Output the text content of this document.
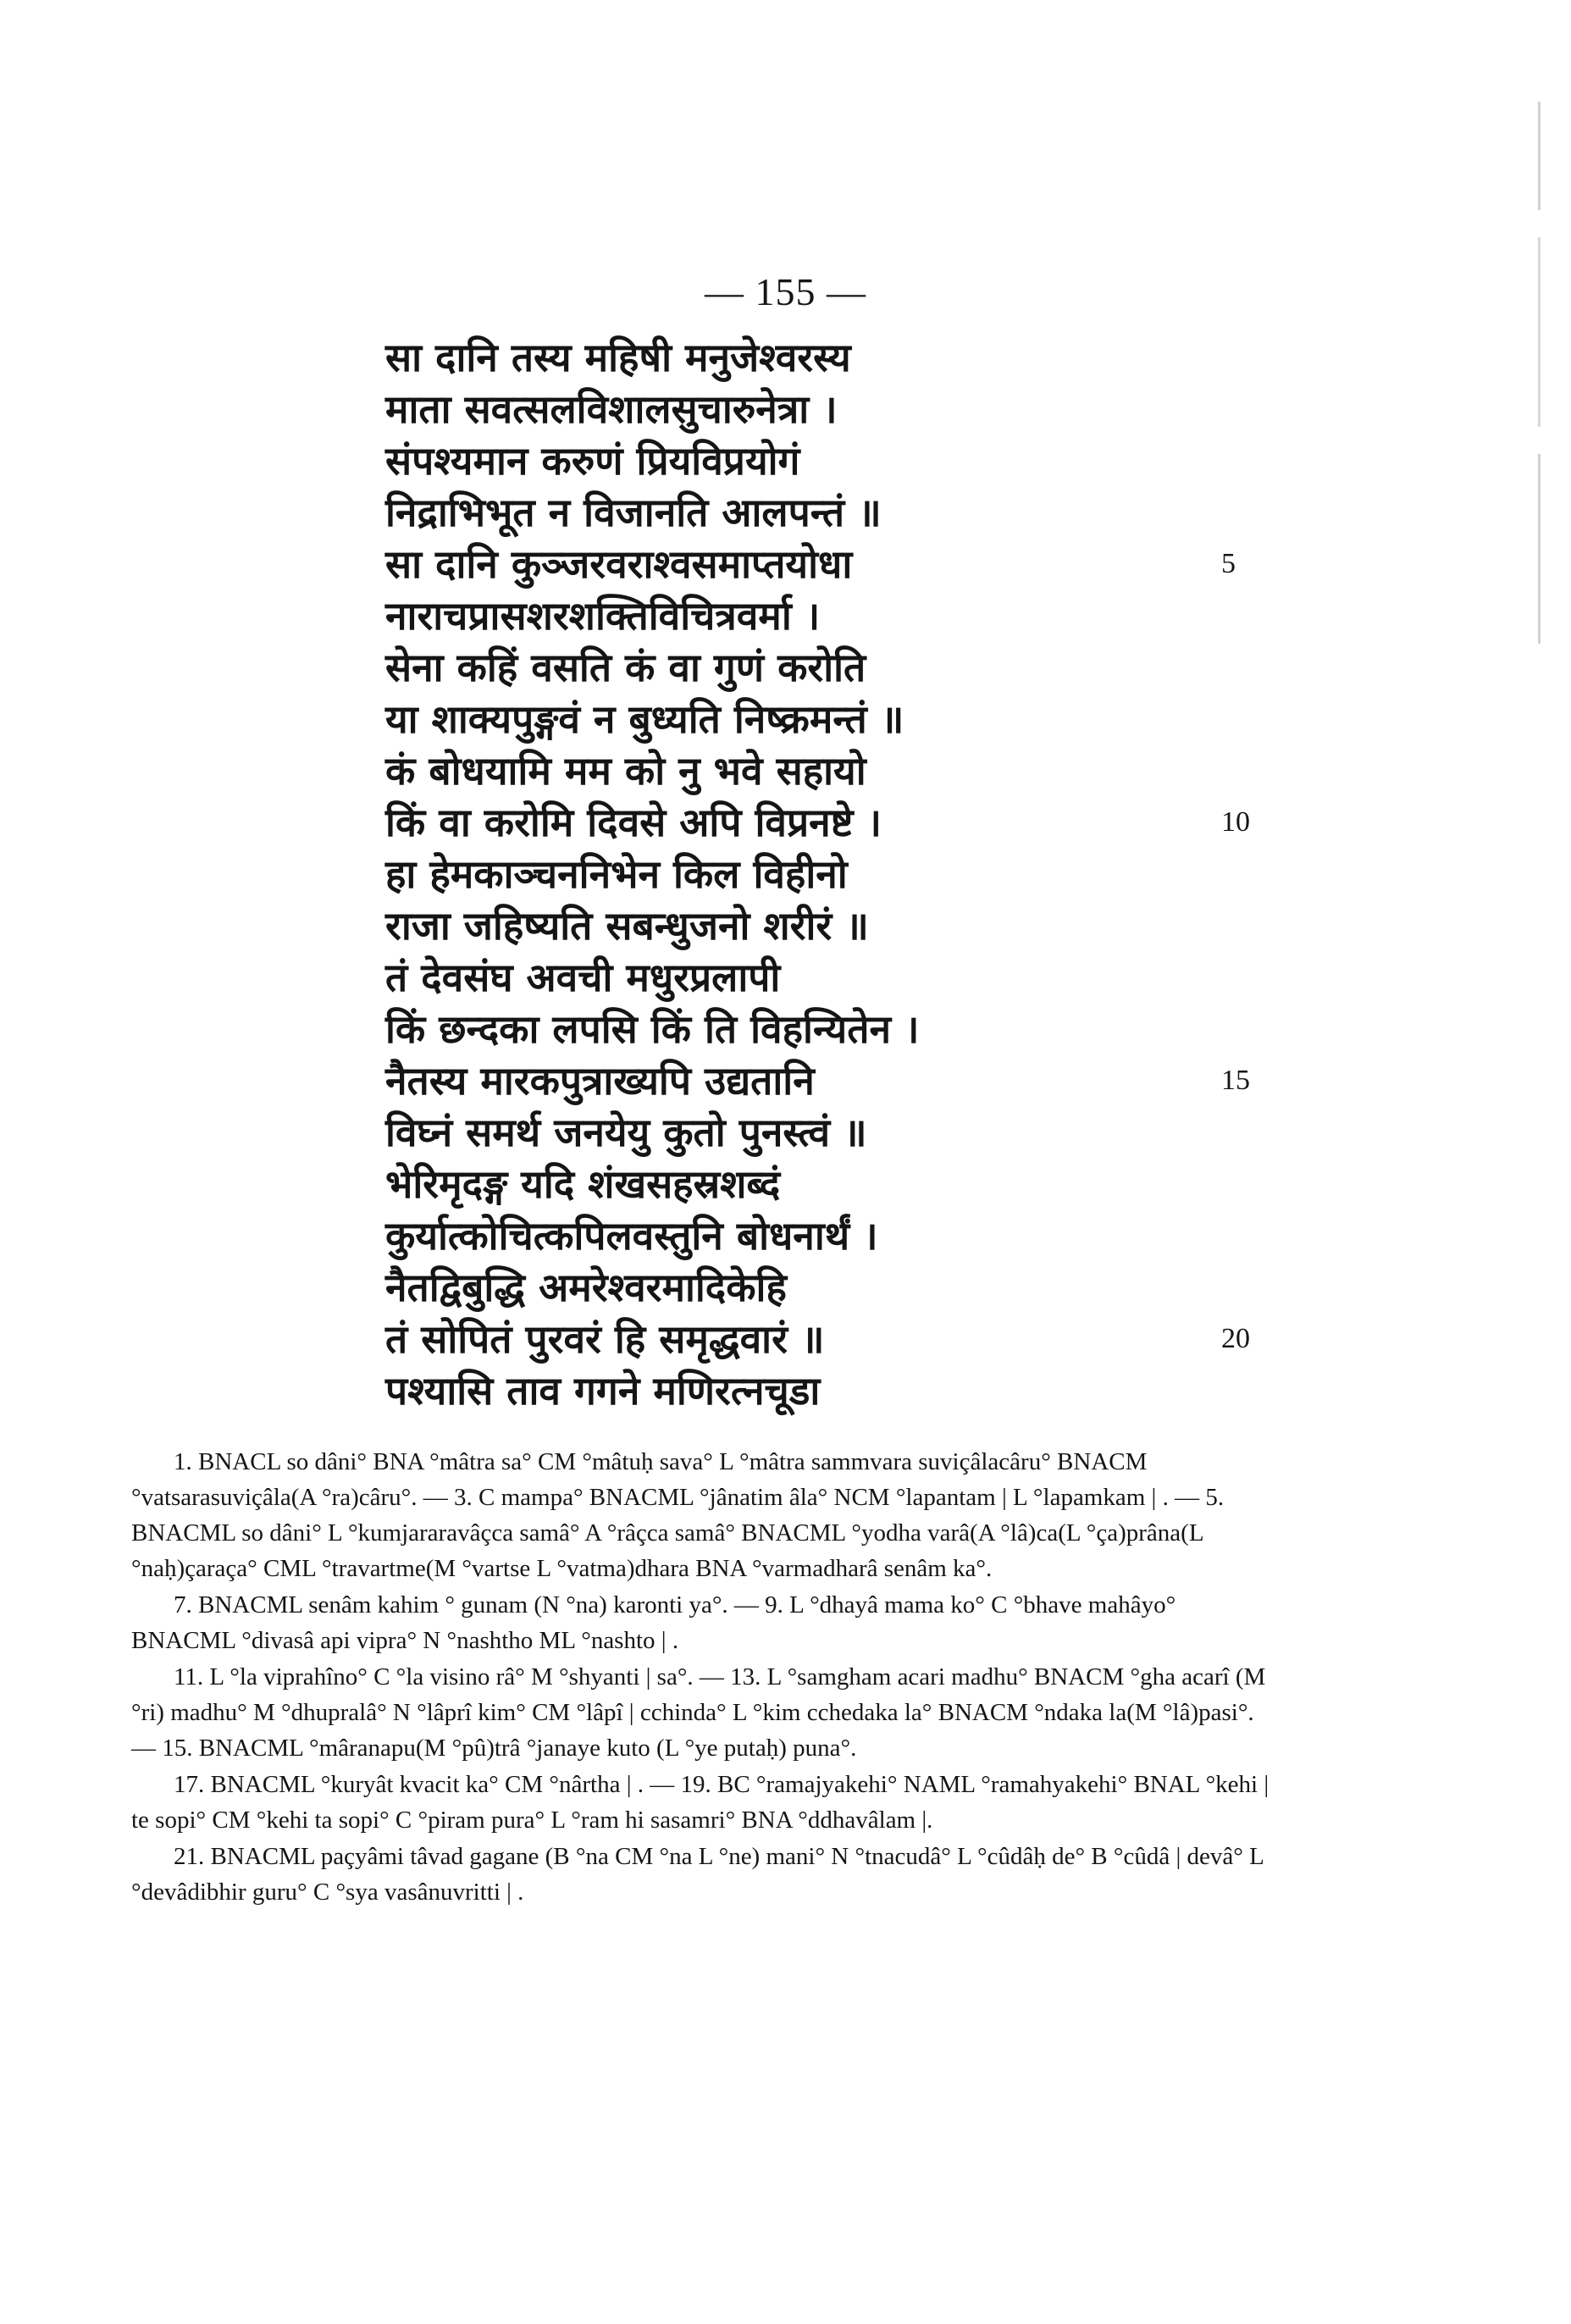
— 155 —
सा दानि तस्य महिषी मनुजेश्वरस्य
माता सवत्सलविशालसुचारुनेत्रा ।
संपश्यमान करुणं प्रियविप्रयोगं
निद्राभिभूत न विजानति आलपन्तं ॥
सा दानि कुञ्जरवराश्वसमाप्तयोधा
नाराचप्रासशरशक्तिविचित्रवर्मा ।
सेना कहिं वसति कं वा गुणं करोति
या शाक्यपुङ्गवं न बुध्यति निष्क्रमन्तं ॥
कं बोधयामि मम को नु भवे सहायो
किं वा करोमि दिवसे अपि विप्रनष्टे ।
हा हेमकाञ्चननिभेन किल विहीनो
राजा जहिष्यति सबन्धुजनो शरीरं ॥
तं देवसंघ अवची मधुरप्रलापी
किं छन्दका लपसि किं ति विहन्यितेन ।
नैतस्य मारकपुत्राख्यपि उद्यतानि
विघ्नं समर्थ जनयेयु कुतो पुनस्त्वं ॥
भेरिमृदङ्ग यदि शंखसहस्रशब्दं
कुर्यात्कोचित्कपिलवस्तुनि बोधनार्थं ।
नैतद्विबुद्धि अमरेश्वरमादिकेहि
तं सोपितं पुरवरं हि समृद्धवारं ॥
पश्यासि ताव गगने मणिरत्नचूडा
5
10
15
20

1. BNACL so dâni° BNA °mâtra sa° CM °mâtuḥ sava° L °mâtra sammvara suviçâlacâru° BNACM °vatsarasuviçâla(A °ra)câru°. — 3. C mampa° BNACML °jânatim âla° NCM °lapantam | L °lapamkam | . — 5. BNACML so dâni° L °kumjararavâçca samâ° A °râçca samâ° BNACML °yodha varâ(A °lâ)ca(L °ça)prâna(L °naḥ)çaraça° CML °travartme(M °vartse L °vatma)dhara BNA °varmadharâ senâm ka°.

7. BNACML senâm kahim ° gunam (N °na) karonti ya°. — 9. L °dhayâ mama ko° C °bhave mahâyo° BNACML °divasâ api vipra° N °nashtho ML °nashto | .

11. L °la viprahîno° C °la visino râ° M °shyanti | sa°. — 13. L °samgham acari madhu° BNACM °gha acarî (M °ri) madhu° M °dhupralâ° N °lâprî kim° CM °lâpî | cchinda° L °kim cchedaka la° BNACM °ndaka la(M °lâ)pasi°. — 15. BNACML °mâranapu(M °pû)trâ °janaye kuto (L °ye putaḥ) puna°.

17. BNACML °kuryât kvacit ka° CM °nârtha | . — 19. BC °ramajyakehi° NAML °ramahyakehi° BNAL °kehi | te sopi° CM °kehi ta sopi° C °piram pura° L °ram hi sasamri° BNA °ddhavâlam |.

21. BNACML paçyâmi tâvad gagane (B °na CM °na L °ne) mani° N °tnacudâ° L °cûdâḥ de° B °cûdâ | devâ° L °devâdibhir guru° C °sya vasânuvritti | .
